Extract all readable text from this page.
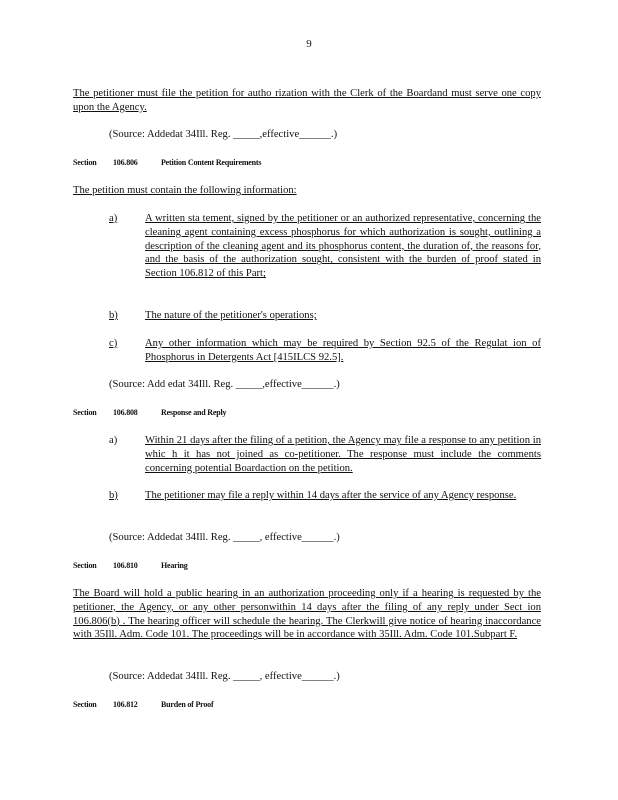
9
The petitioner must file the petition for autho rization with the Clerk of the Boardand must serve one copy upon the Agency.
(Source: Addedat 34Ill. Reg. _____,effective______.)
Section 106.806	Petition Content Requirements
The petition must contain the following information:
a)	A written sta tement, signed by the petitioner or an authorized representative, concerning the cleaning agent containing excess phosphorus for which authorization is sought, outlining a description of the cleaning agent and its phosphorus content, the duration of, the reasons for, and the basis of the authorization sought, consistent with the burden of proof stated in Section 106.812 of this Part;
b)	The nature of the petitioner's operations;
c)	Any other information which may be required by Section 92.5 of the Regulat ion of Phosphorus in Detergents Act [415ILCS 92.5].
(Source: Add edat 34Ill. Reg. _____,effective______.)
Section 106.808	Response and Reply
a)	Within 21 days after the filing of a petition, the Agency may file a response to any petition in whic h it has not joined as co-petitioner. The response must include the comments concerning potential Boardaction on the petition.
b)	The petitioner may file a reply within 14 days after the service of any Agency response.
(Source: Addedat 34Ill. Reg. _____, effective______.)
Section 106.810	Hearing
The Board will hold a public hearing in an authorization proceeding only if a hearing is requested by the petitioner, the Agency, or any other personwithin 14 days after the filing of any reply under Sect ion 106.806(b) . The hearing officer will schedule the hearing. The Clerkwill give notice of hearing inaccordance with 35Ill. Adm. Code 101. The proceedings will be in accordance with 35Ill. Adm. Code 101.Subpart F.
(Source: Addedat 34Ill. Reg. _____, effective______.)
Section 106.812	Burden of Proof
